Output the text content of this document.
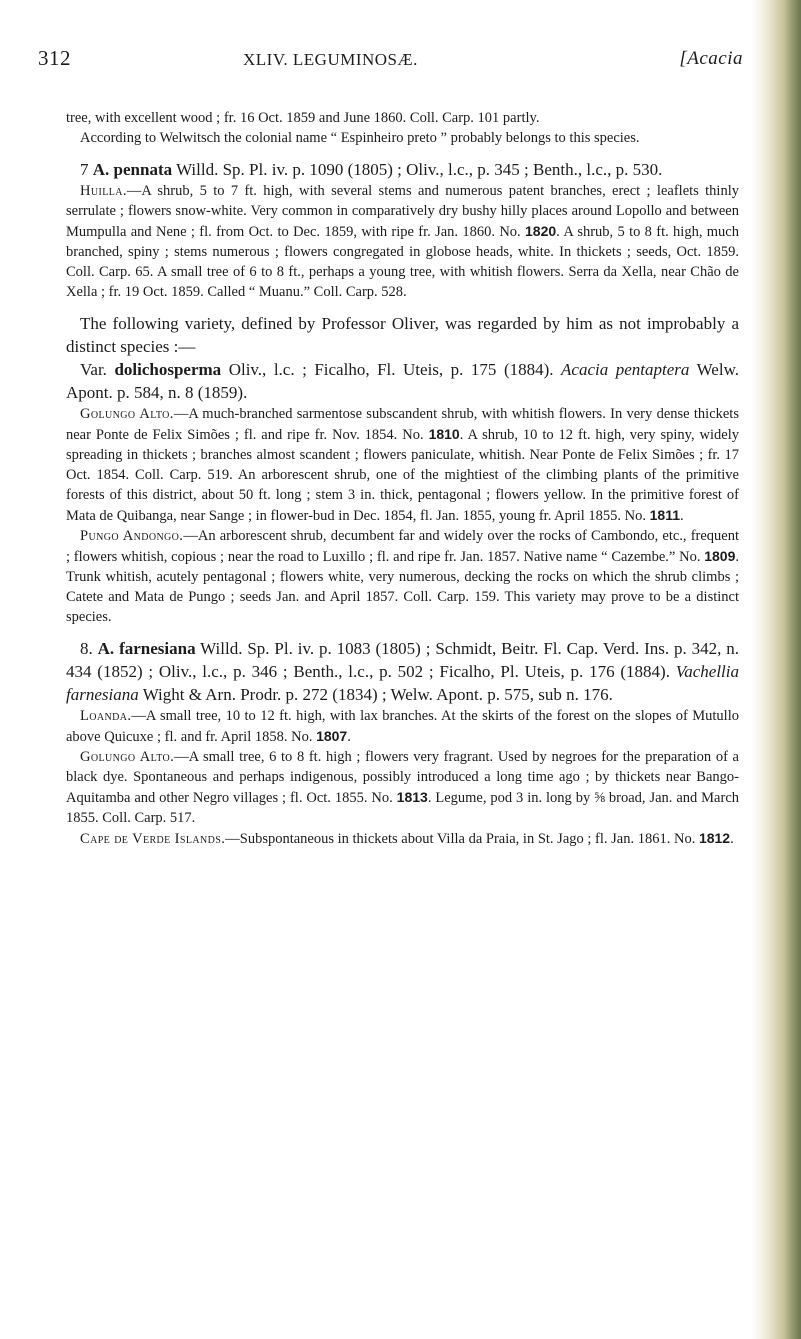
312	XLIV. LEGUMINOSÆ.	[Acacia

tree, with excellent wood ; fr. 16 Oct. 1859 and June 1860. Coll. Carp. 101 partly.

According to Welwitsch the colonial name “ Espinheiro preto ” probably belongs to this species.

7 A. pennata Willd. Sp. Pl. iv. p. 1090 (1805) ; Oliv., l.c., p. 345 ; Benth., l.c., p. 530.

Huilla.—A shrub, 5 to 7 ft. high, with several stems and numerous patent branches, erect ; leaflets thinly serrulate ; flowers snow-white. Very common in comparatively dry bushy hilly places around Lopollo and between Mumpulla and Nene ; fl. from Oct. to Dec. 1859, with ripe fr. Jan. 1860. No. 1820. A shrub, 5 to 8 ft. high, much branched, spiny ; stems numerous ; flowers congregated in globose heads, white. In thickets ; seeds, Oct. 1859. Coll. Carp. 65. A small tree of 6 to 8 ft., perhaps a young tree, with whitish flowers. Serra da Xella, near Chão de Xella ; fr. 19 Oct. 1859. Called “ Muanu.” Coll. Carp. 528.

The following variety, defined by Professor Oliver, was regarded by him as not improbably a distinct species :—

Var. dolichosperma Oliv., l.c. ; Ficalho, Fl. Uteis, p. 175 (1884). Acacia pentaptera Welw. Apont. p. 584, n. 8 (1859).

Golungo Alto.—A much-branched sarmentose subscandent shrub, with whitish flowers. In very dense thickets near Ponte de Felix Simões ; fl. and ripe fr. Nov. 1854. No. 1810. A shrub, 10 to 12 ft. high, very spiny, widely spreading in thickets ; branches almost scandent ; flowers paniculate, whitish. Near Ponte de Felix Simões ; fr. 17 Oct. 1854. Coll. Carp. 519. An arborescent shrub, one of the mightiest of the climbing plants of the primitive forests of this district, about 50 ft. long ; stem 3 in. thick, pentagonal ; flowers yellow. In the primitive forest of Mata de Quibanga, near Sange ; in flower-bud in Dec. 1854, fl. Jan. 1855, young fr. April 1855. No. 1811.

Pungo Andongo.—An arborescent shrub, decumbent far and widely over the rocks of Cambondo, etc., frequent ; flowers whitish, copious ; near the road to Luxillo ; fl. and ripe fr. Jan. 1857. Native name “ Cazembe.” No. 1809. Trunk whitish, acutely pentagonal ; flowers white, very numerous, decking the rocks on which the shrub climbs ; Catete and Mata de Pungo ; seeds Jan. and April 1857. Coll. Carp. 159. This variety may prove to be a distinct species.

8. A. farnesiana Willd. Sp. Pl. iv. p. 1083 (1805) ; Schmidt, Beitr. Fl. Cap. Verd. Ins. p. 342, n. 434 (1852) ; Oliv., l.c., p. 346 ; Benth., l.c., p. 502 ; Ficalho, Pl. Uteis, p. 176 (1884). Vachellia farnesiana Wight & Arn. Prodr. p. 272 (1834) ; Welw. Apont. p. 575, sub n. 176.

Loanda.—A small tree, 10 to 12 ft. high, with lax branches. At the skirts of the forest on the slopes of Mutullo above Quicuxe ; fl. and fr. April 1858. No. 1807.

Golungo Alto.—A small tree, 6 to 8 ft. high ; flowers very fragrant. Used by negroes for the preparation of a black dye. Spontaneous and perhaps indigenous, possibly introduced a long time ago ; by thickets near Bango-Aquitamba and other Negro villages ; fl. Oct. 1855. No. 1813. Legume, pod 3 in. long by ⅝ broad, Jan. and March 1855. Coll. Carp. 517.

Cape de Verde Islands.—Subspontaneous in thickets about Villa da Praia, in St. Jago ; fl. Jan. 1861. No. 1812.
